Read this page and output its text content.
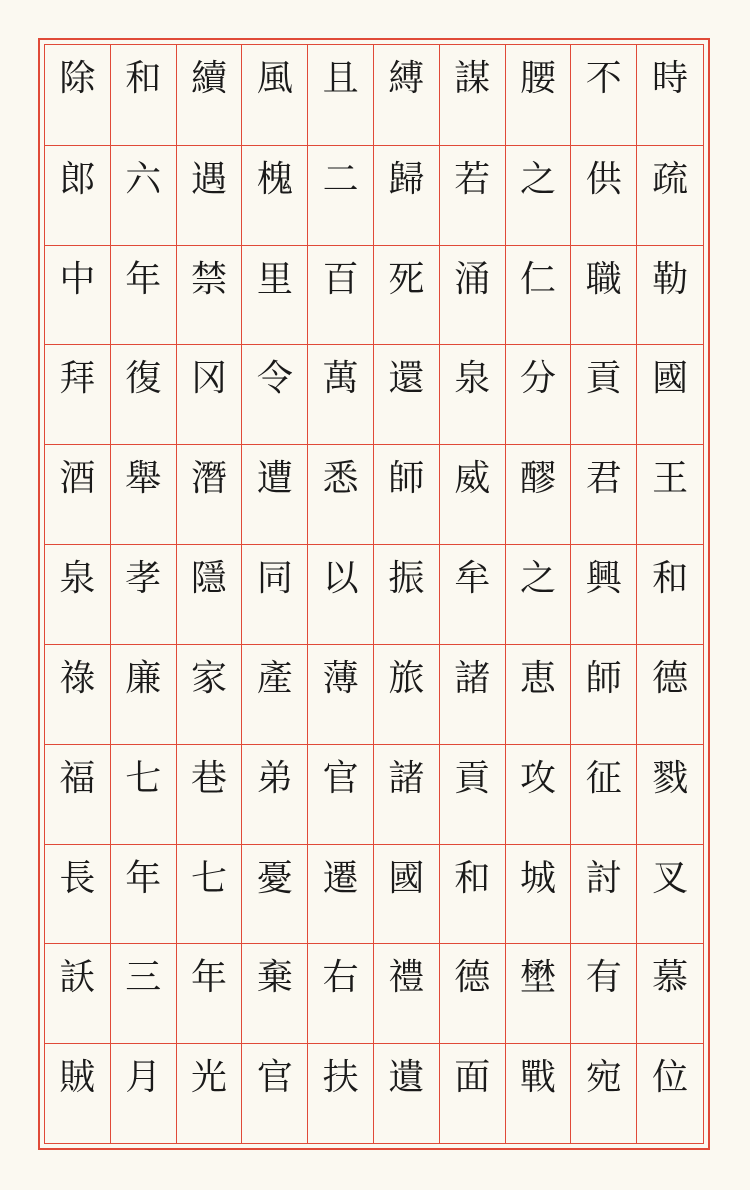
時
疏
勒
國
王
和
德
戮
叉
慕
位
不
供
職
貢
君
興
師
征
討
有
宛
腰
之
仁
分
醪
之
恵
攻
城
壄
戰
謀
若
涌
泉
威
牟
諸
貢
和
德
面
縛
歸
死
還
師
振
旅
諸
國
禮
遺
且
二
百
萬
悉
以
薄
官
遷
右
扶
風
槐
里
令
遭
同
產
弟
憂
棄
官
續
遇
禁
冈
潛
隱
家
巷
七
年
光
和
六
年
復
舉
孝
廉
七
年
三
月
除
郎
中
拜
酒
泉
祿
福
長
訞
賊
